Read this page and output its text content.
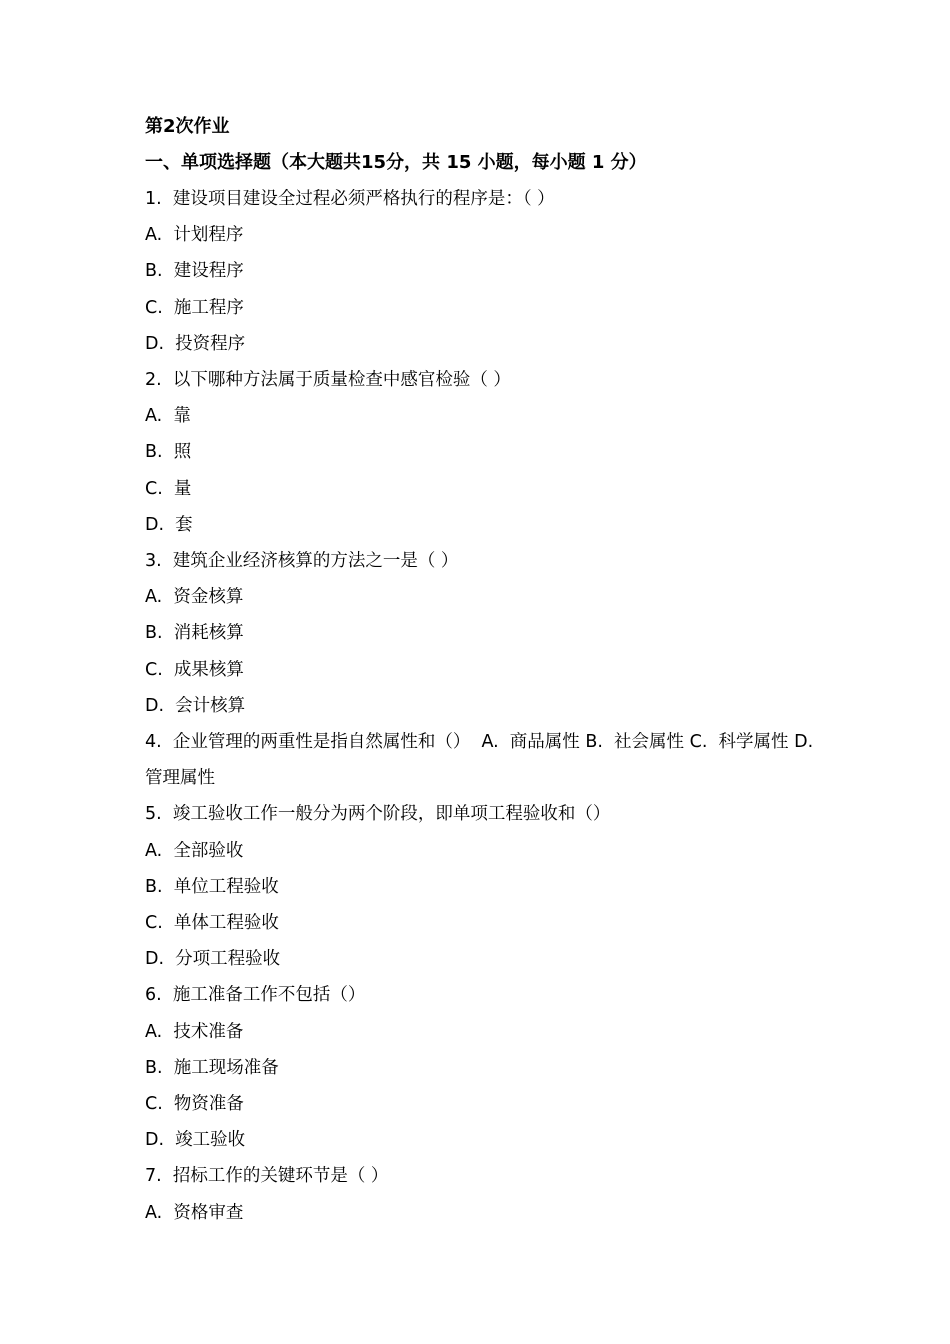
第2次作业
一、单项选择题（本大题共15分，共 15 小题，每小题 1 分）
1.  建设项目建设全过程必须严格执行的程序是：（ ）
A.  计划程序
B.  建设程序
C.  施工程序
D.  投资程序
2.  以下哪种方法属于质量检查中感官检验（ ）
A.  靠
B.  照
C.  量
D.  套
3.  建筑企业经济核算的方法之一是（ ）
A.  资金核算
B.  消耗核算
C.  成果核算
D.  会计核算
4.  企业管理的两重性是指自然属性和（）  A.  商品属性 B.  社会属性 C.  科学属性 D.  管理属性
5.  竣工验收工作一般分为两个阶段，即单项工程验收和（）
A.  全部验收
B.  单位工程验收
C.  单体工程验收
D.  分项工程验收
6.  施工准备工作不包括（）
A.  技术准备
B.  施工现场准备
C.  物资准备
D.  竣工验收
7.  招标工作的关键环节是（ ）
A.  资格审查
